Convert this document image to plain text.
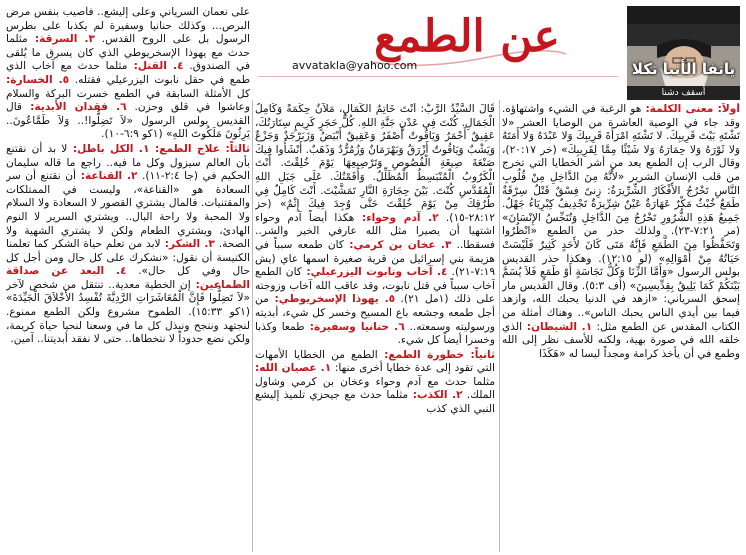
يانفا الأنبا تكلا
أسقف دشنا
عن الطمع
avvatakla@yahoo.com

أولاً: معنى الكلمة: هو الرغبة في الشيء واشتهاؤه. وقد جاء في الوصية العاشرة من الوصايا العشر «لا تَشْتَهِ بَيْتَ قَرِيبِكَ. لا تَشْتَهِ امْرَأَةَ قَرِيبِكَ وَلا عَبْدَهُ وَلا أَمَتَهُ وَلا ثَوْرَهُ وَلا حِمَارَهُ وَلا شَيْئًا مِمَّا لِقَرِيبِكَ» (خر ٢٠:١٧)، وقال الرب إن الطمع يعد من أشر الخطايا التي تخرج من قلب الإنسان الشرير «لأَنَّهُ مِنَ الدَّاخِلِ مِنْ قُلُوبِ النَّاسِ تَخْرُجُ الأَفْكَارُ الشِّرِّيرَةُ: زِنىً فِسْقٌ قَتْلٌ سِرْقَةٌ طَمَعٌ خُبْثٌ مَكْرٌ عَهَارَةٌ عَيْنٌ شِرِّيرَةٌ تَجْدِيفٌ كِبْرِيَاءُ جَهْلٌ. جَمِيعُ هَذِهِ الشُّرُورِ تَخْرُجُ مِنَ الدَّاخِلِ وَتُنَجِّسُ الإِنْسَانَ» (مر ٧:٢١-٢٣). ولذلك حذر من الطمع «انْظُرُوا وَتَحَفَّظُوا مِنَ الطَّمَعِ فَإِنَّهُ مَتَى كَانَ لأَحَدٍ كَثِيرٌ فَلَيْسَتْ حَيَاتُهُ مِنْ أَمْوَالِهِ» (لو ١٢:١٥). وهكذا حذر القديس بولس الرسول «وَأَمَّا الزِّنَا وَكُلُّ نَجَاسَةٍ أَوْ طَمَعٍ فَلاَ يُسَمَّ بَيْنَكُمْ كَمَا يَلِيقُ بِقِدِّيسِينَ» (أف ٥:٣). وقال القديس مار إسحق السرياني: «ازهد في الدنيا يحبك الله، وازهد فيما بين أيدي الناس يحبك الناس».. وهناك أمثلة من الكتاب المقدس عن الطمع مثل: ١. الشيطان: الذي خلقه الله في صورة بهية، ولكنه للأسف نظر إلى الله وطمع في أن يأخذ كرامة ومجداً ليسا له «هَكَذَا

قَالَ السَّيِّدُ الرَّبُّ: أَنْتَ خَاتِمُ الْكَمَالِ، مَلآنٌ حِكْمَةً وَكَامِلُ الْجَمَالِ. كُنْتَ فِي عَدْنٍ جَنَّةِ اللهِ. كُلُّ حَجَرٍ كَرِيمٍ سِتَارَتُكَ، عَقِيقٌ أَحْمَرُ وَيَاقُوتٌ أَصْفَرُ وَعَقِيقٌ أَبْيَضُ وَزَبَرْجَدٌ وَجَزْعٌ وَيَشْبٌ وَيَاقُوتٌ أَزْرَقُ وَبَهْرَمَانٌ وَزُمُرُّدٌ وَذَهَبٌ. أَنْشَأُوا فِيكَ صَنْعَةَ صِيغَةِ الْفُصُوصِ وَتَرْصِيعِهَا يَوْمَ خُلِقْتَ. أَنْتَ الْكَرُوبُ الْمُنْبَسِطُ الْمُظَلِّلُ. وَأَقَمْتُكَ. عَلَى جَبَلِ اللهِ الْمُقَدَّسِ كُنْتَ. بَيْنَ حِجَارَةِ النَّارِ تَمَشَّيْتَ. أَنْتَ كَامِلٌ فِي طُرُقِكَ مِنْ يَوْمَ خُلِقْتَ حَتَّى وُجِدَ فِيكَ إِثْمٌ» (حز ٢٨:١٢-١٥). ٢. آدم وحواء: هكذا أيضاً آدم وحواء اشتهيا أن يصيرا مثل الله عارفي الخير والشر.. فسقطا.. ٣. عخان بن كرمي: كان طمعه سبباً في هزيمة بني إسرائيل من قرية صغيرة اسمها عاي (يش ٧:١٩-٢١). ٤. آخاب ونابوت اليزرعيلي: كان الطمع آخاب سبباً في قتل نابوت، وقد عاقب الله آخاب وزوجته على ذلك (١مل ٢١). ٥. يهوذا الإسخريوطي: من أجل طمعه وجشعه باع المسيح وخسر كل شيء، أبديته ورسوليته وسمعته.. ٦. حنانيا وسفيرة: طمعا وكذبا وخسرا أيضاً كل شيء.

ثانياً: خطورة الطمع: الطمع من الخطايا الأمهات التي تقود إلى عدة خطايا أخرى منها: ١. عصيان الله: مثلما حدث مع آدم وحواء وعخان بن كرمي وشاول الملك. ٢. الكذب: مثلما حدث مع جيحزي تلميذ إليشع النبي الذي كذب

على نعمان السرياني وعلى إليشع.. فأصيب بنفس مرض البرص... وكذلك حنانيا وسفيرة لم يكذبا على بطرس الرسول بل على الروح القدس. ٣. السرقة: مثلما حدث مع يهوذا الإسخريوطي الذي كان يسرق ما يُلقى في الصندوق. ٤. القتل: مثلما حدث مع آخاب الذي طمع في حقل نابوت اليزرعيلي فقتله. ٥. الخسارة: كل الأمثلة السابقة في الطمع خسرت البركة والسلام وعاشوا في قلق وحزن. ٦. فقدان الأبدية: قال القديس بولس الرسول «لاَ تَضِلُّوا!.. وَلاَ طَمَّاعُونَ.. يَرِثُونَ مَلَكُوتَ اللهِ» (١كو ٦:٩-١٠).

ثالثاً: علاج الطمع: ١. الكل باطل: لا بد أن نقتنع بأن العالم سيزول وكل ما فيه.. راجع ما قاله سليمان الحكيم في (جا ٢:٤-١١). ٢. القناعة: أن نقتنع أن سر السعادة هو «القناعة»، وليست في الممتلكات والمقتنيات. فالمال يشتري القصور لا السعادة ولا السلام ولا المحبة ولا راحة البال.. ويشتري السرير لا النوم الهادئ، ويشتري الطعام ولكن لا يشتري الشهية ولا الصحة. ٣. الشكر: لابد من تعلم حياة الشكر كما تعلمنا الكنيسة أن نقول: «نشكرك على كل حال ومن أجل كل حال وفي كل حال». ٤. البعد عن صداقة الطماعين: إن الخطية معدية.. تنتقل من شخص لآخر «لاَ تَضِلُّوا فَإِنَّ الْمُعَاشَرَاتِ الرَّدِيَّةَ تُفْسِدُ الأَخْلاَقَ الْجَيِّدَةَ» (١كو ١٥:٣٣). الطموح مشروع ولكن الطمع ممنوع. لنجتهد وننجح ونبذل كل ما في وسعنا لنحيا حياة كريمة، ولكن نضع حدوداً لا نتخطاها.. حتى لا نفقد أبديتنا.. آمين.
